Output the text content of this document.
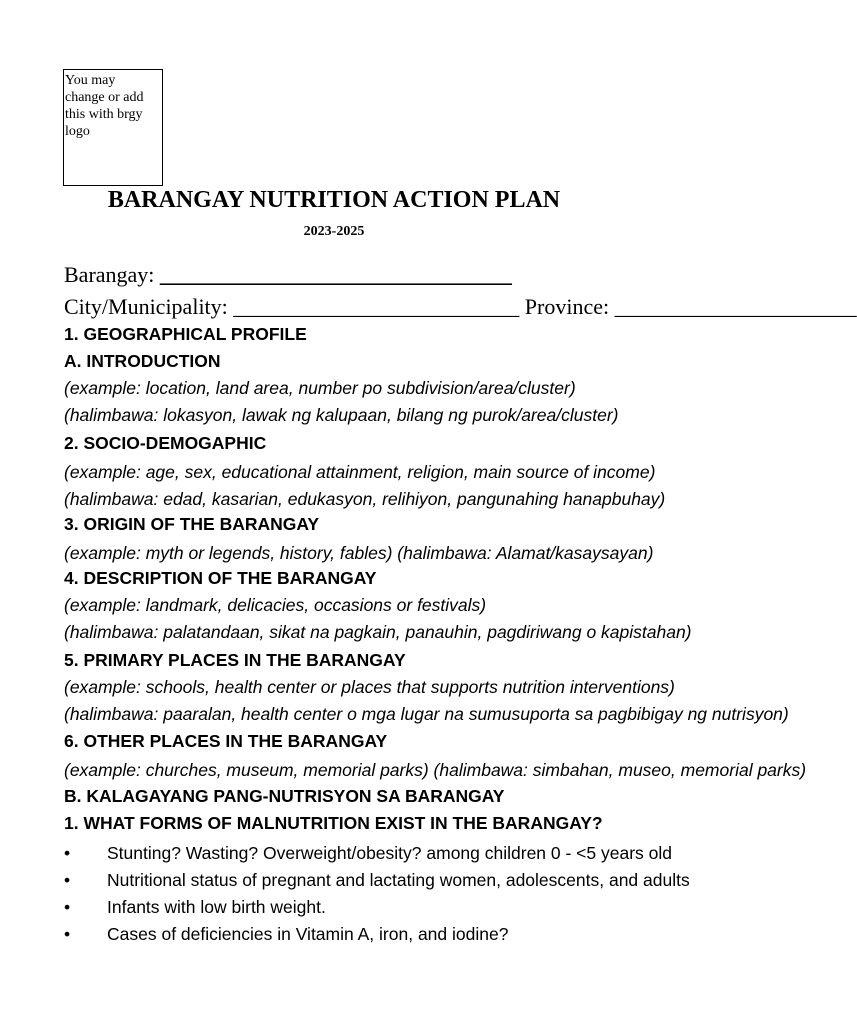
You may
change or add
this with brgy
logo
BARANGAY NUTRITION ACTION PLAN
2023-2025
Barangay: ________________________________
City/Municipality: __________________________ Province: ______________________
1. GEOGRAPHICAL PROFILE
A. INTRODUCTION
(example: location, land area, number po subdivision/area/cluster)
(halimbawa: lokasyon, lawak ng kalupaan, bilang ng purok/area/cluster)
2. SOCIO-DEMOGAPHIC
(example: age, sex, educational attainment, religion, main source of income)
(halimbawa: edad, kasarian, edukasyon, relihiyon, pangunahing hanapbuhay)
3. ORIGIN OF THE BARANGAY
(example: myth or legends, history, fables) (halimbawa: Alamat/kasaysayan)
4. DESCRIPTION OF THE BARANGAY
(example: landmark, delicacies, occasions or festivals)
(halimbawa: palatandaan, sikat na pagkain, panauhin, pagdiriwang o kapistahan)
5. PRIMARY PLACES IN THE BARANGAY
(example: schools, health center or places that supports nutrition interventions)
(halimbawa: paaralan, health center o mga lugar na sumusuporta sa pagbibigay ng nutrisyon)
6. OTHER PLACES IN THE BARANGAY
(example: churches, museum, memorial parks) (halimbawa: simbahan, museo, memorial parks)
B. KALAGAYANG PANG-NUTRISYON SA BARANGAY
1. WHAT FORMS OF MALNUTRITION EXIST IN THE BARANGAY?
• Stunting? Wasting? Overweight/obesity? among children 0 - <5 years old
• Nutritional status of pregnant and lactating women, adolescents, and adults
• Infants with low birth weight.
• Cases of deficiencies in Vitamin A, iron, and iodine?
